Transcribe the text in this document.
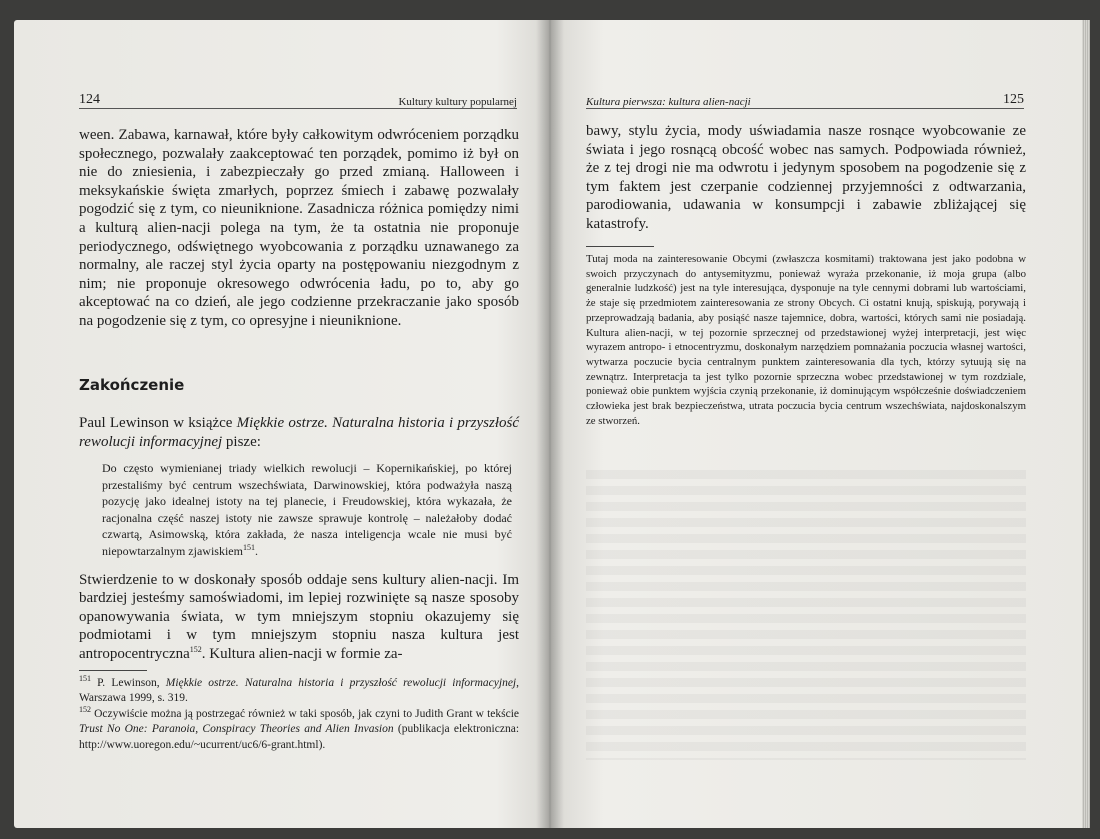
124	Kultury kultury popularnej

ween. Zabawa, karnawał, które były całkowitym odwróceniem porządku społecznego, pozwalały zaakceptować ten porządek, pomimo iż był on nie do zniesienia, i zabezpieczały go przed zmianą. Halloween i meksykańskie święta zmarłych, poprzez śmiech i zabawę pozwalały pogodzić się z tym, co nieuniknione. Zasadnicza różnica pomiędzy nimi a kulturą alien-nacji polega na tym, że ta ostatnia nie proponuje periodycznego, odświętnego wyobcowania z porządku uznawanego za normalny, ale raczej styl życia oparty na postępowaniu niezgodnym z nim; nie proponuje okresowego odwrócenia ładu, po to, aby go akceptować na co dzień, ale jego codzienne przekraczanie jako sposób na pogodzenie się z tym, co opresyjne i nieuniknione.

Zakończenie
Paul Lewinson w książce Miękkie ostrze. Naturalna historia i przyszłość rewolucji informacyjnej pisze:
Do często wymienianej triady wielkich rewolucji – Kopernikańskiej, po której przestaliśmy być centrum wszechświata, Darwinowskiej, która podważyła naszą pozycję jako idealnej istoty na tej planecie, i Freudowskiej, która wykazała, że racjonalna część naszej istoty nie zawsze sprawuje kontrolę – należałoby dodać czwartą, Asimowską, która zakłada, że nasza inteligencja wcale nie musi być niepowtarzalnym zjawiskiem$^{151}$.
Stwierdzenie to w doskonały sposób oddaje sens kultury alien-nacji. Im bardziej jesteśmy samoświadomi, im lepiej rozwinięte są nasze sposoby opanowywania świata, w tym mniejszym stopniu okazujemy się podmiotami i w tym mniejszym stopniu nasza kultura jest antropocentryczna$^{152}$. Kultura alien-nacji w formie za-

$^{151}$ P. Lewinson, Miękkie ostrze. Naturalna historia i przyszłość rewolucji informacyjnej, Warszawa 1999, s. 319.

$^{152}$ Oczywiście można ją postrzegać również w taki sposób, jak czyni to Judith Grant w tekście Trust No One: Paranoia, Conspiracy Theories and Alien Invasion (publikacja elektroniczna: http://www.uoregon.edu/~ucurrent/uc6/6-grant.html).

Kultura pierwsza: kultura alien-nacji	125

bawy, stylu życia, mody uświadamia nasze rosnące wyobcowanie ze świata i jego rosnącą obcość wobec nas samych. Podpowiada również, że z tej drogi nie ma odwrotu i jedynym sposobem na pogodzenie się z tym faktem jest czerpanie codziennej przyjemności z odtwarzania, parodiowania, udawania w konsumpcji i zabawie zbliżającej się katastrofy.

Tutaj moda na zainteresowanie Obcymi (zwłaszcza kosmitami) traktowana jest jako podobna w swoich przyczynach do antysemityzmu, ponieważ wyraża przekonanie, iż moja grupa (albo generalnie ludzkość) jest na tyle interesująca, dysponuje na tyle cennymi dobrami lub wartościami, że staje się przedmiotem zainteresowania ze strony Obcych. Ci ostatni knują, spiskują, porywają i przeprowadzają badania, aby posiąść nasze tajemnice, dobra, wartości, których sami nie posiadają. Kultura alien-nacji, w tej pozornie sprzecznej od przedstawionej wyżej interpretacji, jest więc wyrazem antropo- i etnocentryzmu, doskonałym narzędziem pomnażania poczucia własnej wartości, wytwarza poczucie bycia centralnym punktem zainteresowania dla tych, którzy sytuują się na zewnątrz. Interpretacja ta jest tylko pozornie sprzeczna wobec przedstawionej w tym rozdziale, ponieważ obie punktem wyjścia czynią przekonanie, iż dominującym współcześnie doświadczeniem człowieka jest brak bezpieczeństwa, utrata poczucia bycia centrum wszechświata, najdoskonalszym ze stworzeń.
